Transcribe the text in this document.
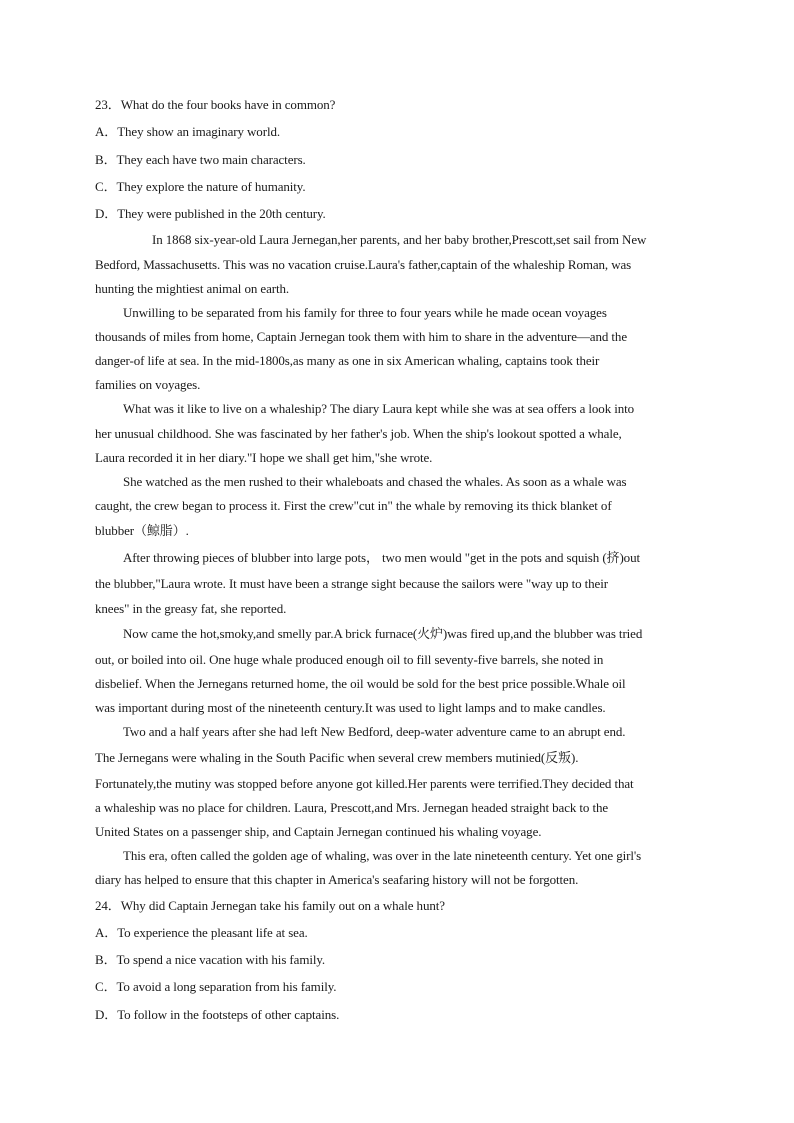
23．What do the four books have in common?
A．They show an imaginary world.
B．They each have two main characters.
C．They explore the nature of humanity.
D．They were published in the 20th century.
In 1868 six-year-old Laura Jernegan,her parents, and her baby brother,Prescott,set sail from New
Bedford, Massachusetts. This was no vacation cruise.Laura's father,captain of the whaleship Roman, was
hunting the mightiest animal on earth.
Unwilling to be separated from his family for three to four years while he made ocean voyages
thousands of miles from home, Captain Jernegan took them with him to share in the adventure—and the
danger-of life at sea. In the mid-1800s,as many as one in six American whaling, captains took their
families on voyages.
What was it like to live on a whaleship? The diary Laura kept while she was at sea offers a look into
her unusual childhood. She was fascinated by her father's job. When the ship's lookout spotted a whale,
Laura recorded it in her diary."I hope we shall get him,"she wrote.
She watched as the men rushed to their whaleboats and chased the whales. As soon as a whale was
caught, the crew began to process it. First the crew"cut in" the whale by removing its thick blanket of
blubber（鲸脂）.
After throwing pieces of blubber into large pots， two men would "get in the pots and squish (挤)out
the blubber,"Laura wrote. It must have been a strange sight because the sailors were "way up to their
knees" in the greasy fat, she reported.
Now came the hot,smoky,and smelly par.A brick furnace(火炉)was fired up,and the blubber was tried
out, or boiled into oil. One huge whale produced enough oil to fill seventy-five barrels, she noted in
disbelief. When the Jernegans returned home, the oil would be sold for the best price possible.Whale oil
was important during most of the nineteenth century.It was used to light lamps and to make candles.
Two and a half years after she had left New Bedford, deep-water adventure came to an abrupt end.
The Jernegans were whaling in the South Pacific when several crew members mutinied(反叛).
Fortunately,the mutiny was stopped before anyone got killed.Her parents were terrified.They decided that
a whaleship was no place for children. Laura, Prescott,and Mrs. Jernegan headed straight back to the
United States on a passenger ship, and Captain Jernegan continued his whaling voyage.
This era, often called the golden age of whaling, was over in the late nineteenth century. Yet one girl's
diary has helped to ensure that this chapter in America's seafaring history will not be forgotten.
24．Why did Captain Jernegan take his family out on a whale hunt?
A．To experience the pleasant life at sea.
B．To spend a nice vacation with his family.
C．To avoid a long separation from his family.
D．To follow in the footsteps of other captains.
